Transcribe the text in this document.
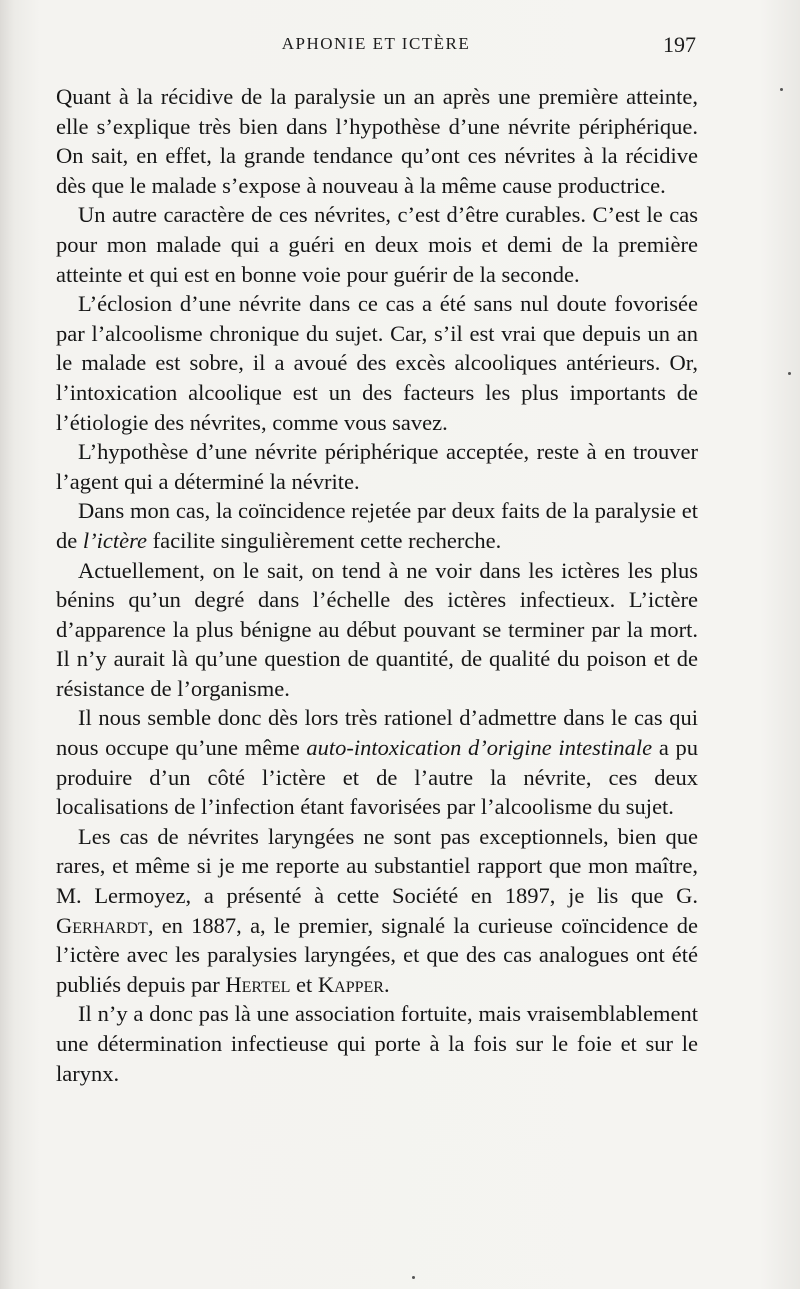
APHONIE ET ICTÈRE	197

Quant à la récidive de la paralysie un an après une première atteinte, elle s’explique très bien dans l’hypothèse d’une névrite périphérique. On sait, en effet, la grande tendance qu’ont ces névrites à la récidive dès que le malade s’expose à nouveau à la même cause productrice.

Un autre caractère de ces névrites, c’est d’être curables. C’est le cas pour mon malade qui a guéri en deux mois et demi de la première atteinte et qui est en bonne voie pour guérir de la seconde.

L’éclosion d’une névrite dans ce cas a été sans nul doute fovorisée par l’alcoolisme chronique du sujet. Car, s’il est vrai que depuis un an le malade est sobre, il a avoué des excès alcooliques antérieurs. Or, l’intoxication alcoolique est un des facteurs les plus importants de l’étiologie des névrites, comme vous savez.

L’hypothèse d’une névrite périphérique acceptée, reste à en trouver l’agent qui a déterminé la névrite.

Dans mon cas, la coïncidence rejetée par deux faits de la paralysie et de l’ictère facilite singulièrement cette recherche.

Actuellement, on le sait, on tend à ne voir dans les ictères les plus bénins qu’un degré dans l’échelle des ictères infectieux. L’ictère d’apparence la plus bénigne au début pouvant se terminer par la mort. Il n’y aurait là qu’une question de quantité, de qualité du poison et de résistance de l’organisme.

Il nous semble donc dès lors très rationel d’admettre dans le cas qui nous occupe qu’une même auto-intoxication d’origine intestinale a pu produire d’un côté l’ictère et de l’autre la névrite, ces deux localisations de l’infection étant favorisées par l’alcoolisme du sujet.

Les cas de névrites laryngées ne sont pas exceptionnels, bien que rares, et même si je me reporte au substantiel rapport que mon maître, M. Lermoyez, a présenté à cette Société en 1897, je lis que G. Gerhardt, en 1887, a, le premier, signalé la curieuse coïncidence de l’ictère avec les paralysies laryngées, et que des cas analogues ont été publiés depuis par Hertel et Kapper.

Il n’y a donc pas là une association fortuite, mais vraisemblablement une détermination infectieuse qui porte à la fois sur le foie et sur le larynx.
